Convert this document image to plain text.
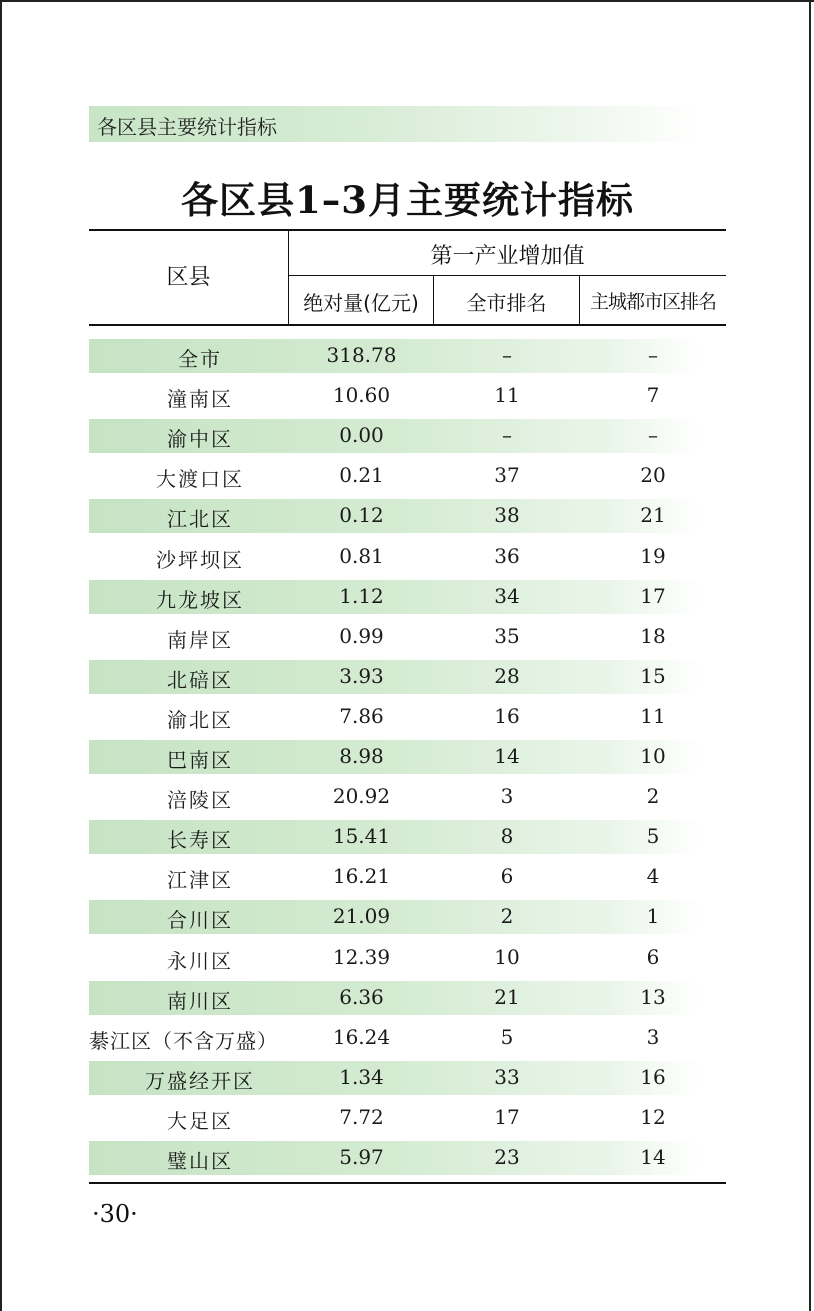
各区县主要统计指标
各区县1–3月主要统计指标
区县
第一产业增加值
绝对量(亿元)	全市排名	主城都市区排名
全市	318.78	–	–
潼南区	10.60	11	7
渝中区	0.00	–	–
大渡口区	0.21	37	20
江北区	0.12	38	21
沙坪坝区	0.81	36	19
九龙坡区	1.12	34	17
南岸区	0.99	35	18
北碚区	3.93	28	15
渝北区	7.86	16	11
巴南区	8.98	14	10
涪陵区	20.92	3	2
长寿区	15.41	8	5
江津区	16.21	6	4
合川区	21.09	2	1
永川区	12.39	10	6
南川区	6.36	21	13
綦江区（不含万盛）	16.24	5	3
万盛经开区	1.34	33	16
大足区	7.72	17	12
璧山区	5.97	23	14
·30·
